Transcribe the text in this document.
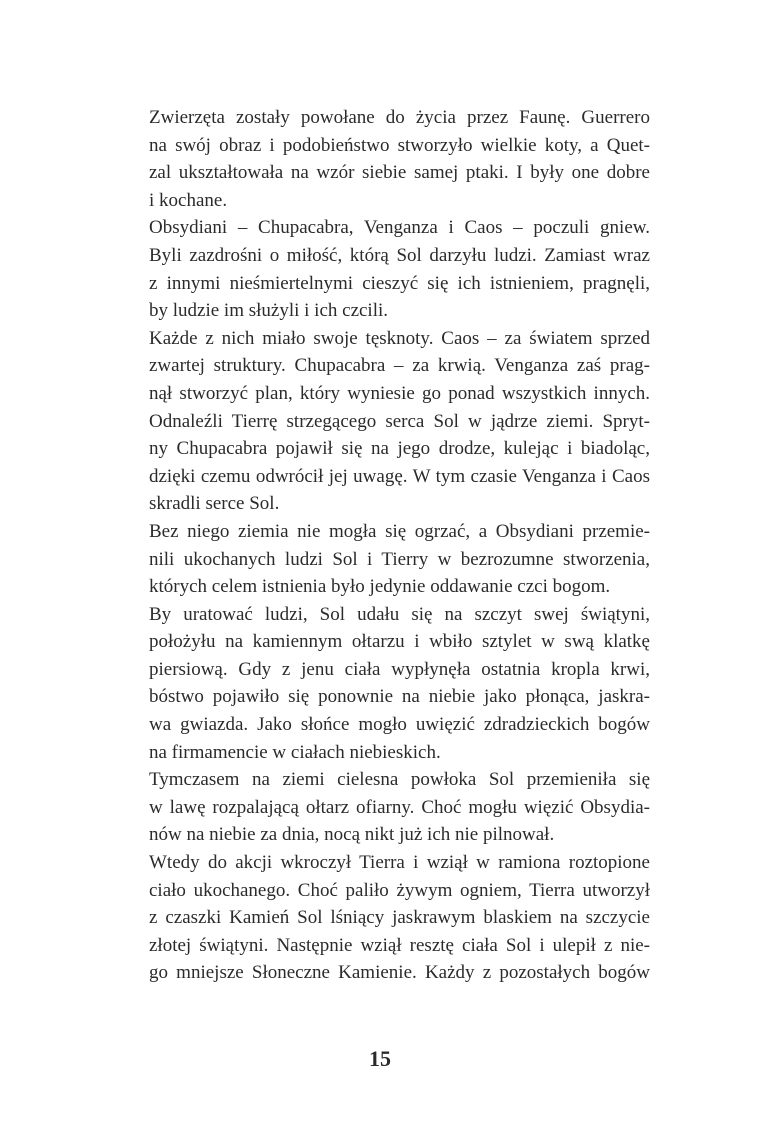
Zwierzęta zostały powołane do życia przez Faunę. Guerrero
na swój obraz i podobieństwo stworzyło wielkie koty, a Quet-
zal ukształtowała na wzór siebie samej ptaki. I były one dobre
i kochane.
Obsydiani – Chupacabra, Venganza i Caos – poczuli gniew.
Byli zazdrośni o miłość, którą Sol darzyłu ludzi. Zamiast wraz
z innymi nieśmiertelnymi cieszyć się ich istnieniem, pragnęli,
by ludzie im służyli i ich czcili.
Każde z nich miało swoje tęsknoty. Caos – za światem sprzed
zwartej struktury. Chupacabra – za krwią. Venganza zaś prag-
nął stworzyć plan, który wyniesie go ponad wszystkich innych.
Odnaleźli Tierrę strzegącego serca Sol w jądrze ziemi. Spryt-
ny Chupacabra pojawił się na jego drodze, kulejąc i biadoląc,
dzięki czemu odwrócił jej uwagę. W tym czasie Venganza i Caos
skradli serce Sol.
Bez niego ziemia nie mogła się ogrzać, a Obsydiani przemie-
nili ukochanych ludzi Sol i Tierry w bezrozumne stworzenia,
których celem istnienia było jedynie oddawanie czci bogom.
By uratować ludzi, Sol udału się na szczyt swej świątyni,
położyłu na kamiennym ołtarzu i wbiło sztylet w swą klatkę
piersiową. Gdy z jenu ciała wypłynęła ostatnia kropla krwi,
bóstwo pojawiło się ponownie na niebie jako płonąca, jaskra-
wa gwiazda. Jako słońce mogło uwięzić zdradzieckich bogów
na firmamencie w ciałach niebieskich.
Tymczasem na ziemi cielesna powłoka Sol przemieniła się
w lawę rozpalającą ołtarz ofiarny. Choć mogłu więzić Obsydia-
nów na niebie za dnia, nocą nikt już ich nie pilnował.
Wtedy do akcji wkroczył Tierra i wziął w ramiona roztopione
ciało ukochanego. Choć paliło żywym ogniem, Tierra utworzył
z czaszki Kamień Sol lśniący jaskrawym blaskiem na szczycie
złotej świątyni. Następnie wziął resztę ciała Sol i ulepił z nie-
go mniejsze Słoneczne Kamienie. Każdy z pozostałych bogów
15
